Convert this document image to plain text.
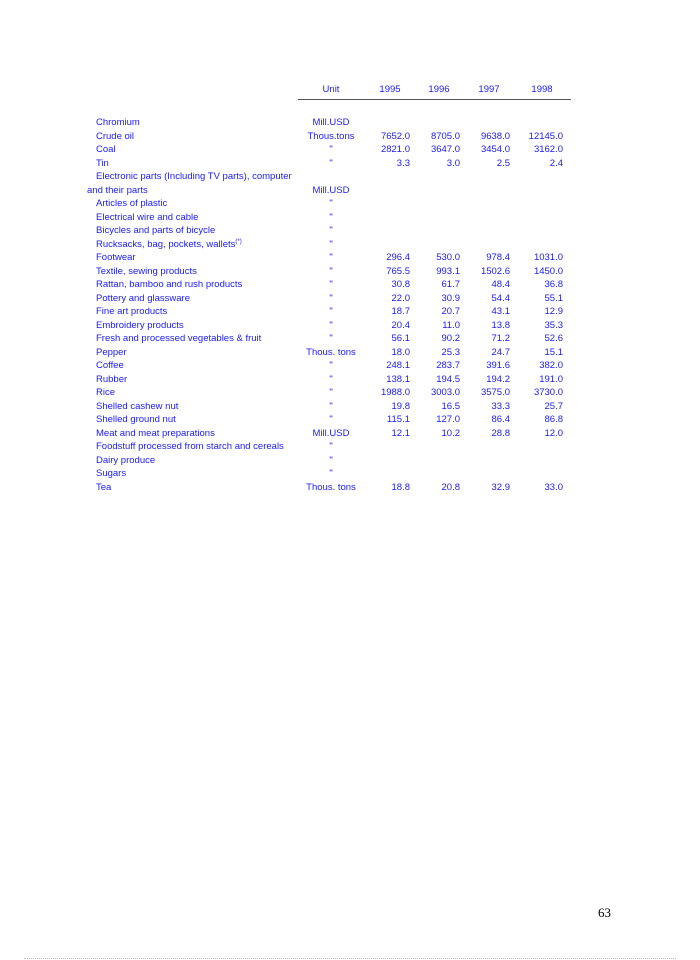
Unit	1995	1996	1997	1998
Chromium	Mill.USD
Crude oil	Thous.tons	7652.0	8705.0	9638.0	12145.0
Coal	"	2821.0	3647.0	3454.0	3162.0
Tin	"	3.3	3.0	2.5	2.4
Electronic parts (Including TV parts), computer and their parts	Mill.USD
Articles of plastic	"
Electrical wire and cable	"
Bicycles and parts of bicycle	"
Rucksacks, bag, pockets, wallets(*)	"
Footwear	"	296.4	530.0	978.4	1031.0
Textile, sewing products	"	765.5	993.1	1502.6	1450.0
Rattan, bamboo and rush products	"	30.8	61.7	48.4	36.8
Pottery and glassware	"	22.0	30.9	54.4	55.1
Fine art products	"	18.7	20.7	43.1	12.9
Embroidery products	"	20.4	11.0	13.8	35.3
Fresh and processed vegetables & fruit	"	56.1	90.2	71.2	52.6
Pepper	Thous. tons	18.0	25.3	24.7	15.1
Coffee	"	248.1	283.7	391.6	382.0
Rubber	"	138.1	194.5	194.2	191.0
Rice	"	1988.0	3003.0	3575.0	3730.0
Shelled cashew nut	"	19.8	16.5	33.3	25.7
Shelled ground nut	"	115.1	127.0	86.4	86.8
Meat and meat preparations	Mill.USD	12.1	10.2	28.8	12.0
Foodstuff processed from starch and cereals	"
Dairy produce	"
Sugars	"
Tea	Thous. tons	18.8	20.8	32.9	33.0
63
